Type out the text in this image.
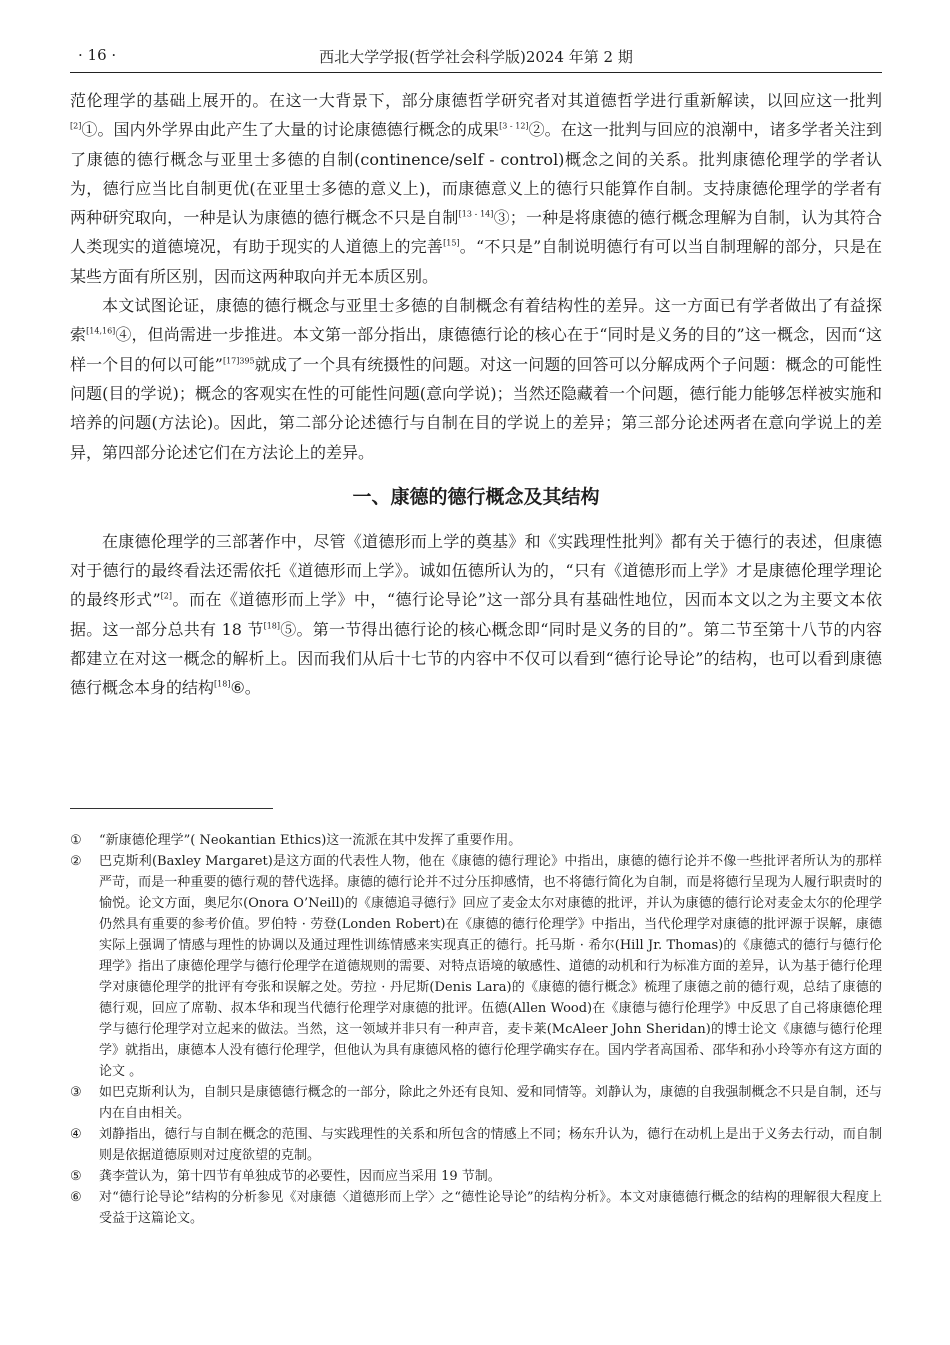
· 16 ·	西北大学学报(哲学社会科学版)2024 年第 2 期

范伦理学的基础上展开的。在这一大背景下，部分康德哲学研究者对其道德哲学进行重新解读，以回应这一批判[2]①。国内外学界由此产生了大量的讨论康德德行概念的成果[3 - 12]②。在这一批判与回应的浪潮中，诸多学者关注到了康德的德行概念与亚里士多德的自制(continence/self - control)概念之间的关系。批判康德伦理学的学者认为，德行应当比自制更优(在亚里士多德的意义上)，而康德意义上的德行只能算作自制。支持康德伦理学的学者有两种研究取向，一种是认为康德的德行概念不只是自制[13 - 14]③；一种是将康德的德行概念理解为自制，认为其符合人类现实的道德境况，有助于现实的人道德上的完善[15]。“不只是”自制说明德行有可以当自制理解的部分，只是在某些方面有所区别，因而这两种取向并无本质区别。

本文试图论证，康德的德行概念与亚里士多德的自制概念有着结构性的差异。这一方面已有学者做出了有益探索[14,16]④，但尚需进一步推进。本文第一部分指出，康德德行论的核心在于“同时是义务的目的”这一概念，因而“这样一个目的何以可能”$^{[17]395}$就成了一个具有统摄性的问题。对这一问题的回答可以分解成两个子问题：概念的可能性问题(目的学说)；概念的客观实在性的可能性问题(意向学说)；当然还隐藏着一个问题，德行能力能够怎样被实施和培养的问题(方法论)。因此，第二部分论述德行与自制在目的学说上的差异；第三部分论述两者在意向学说上的差异，第四部分论述它们在方法论上的差异。

一、康德的德行概念及其结构

在康德伦理学的三部著作中，尽管《道德形而上学的奠基》和《实践理性批判》都有关于德行的表述，但康德对于德行的最终看法还需依托《道德形而上学》。诚如伍德所认为的，“只有《道德形而上学》才是康德伦理学理论的最终形式”[2]。而在《道德形而上学》中，“德行论导论”这一部分具有基础性地位，因而本文以之为主要文本依据。这一部分总共有 18 节[18]⑤。第一节得出德行论的核心概念即“同时是义务的目的”。第二节至第十八节的内容都建立在对这一概念的解析上。因而我们从后十七节的内容中不仅可以看到“德行论导论”的结构，也可以看到康德德行概念本身的结构[18]⑥。

①	“新康德伦理学”( Neokantian Ethics)这一流派在其中发挥了重要作用。
②	巴克斯利(Baxley Margaret)是这方面的代表性人物，他在《康德的德行理论》中指出，康德的德行论并不像一些批评者所认为的那样严苛，而是一种重要的德行观的替代选择。康德的德行论并不过分压抑感情，也不将德行简化为自制，而是将德行呈现为人履行职责时的愉悦。论文方面，奥尼尔(Onora O’Neill)的《康德追寻德行》回应了麦金太尔对康德的批评，并认为康德的德行论对麦金太尔的伦理学仍然具有重要的参考价值。罗伯特 · 劳登(Londen Robert)在《康德的德行伦理学》中指出，当代伦理学对康德的批评源于误解，康德实际上强调了情感与理性的协调以及通过理性训练情感来实现真正的德行。托马斯 · 希尔(Hill Jr. Thomas)的《康德式的德行与德行伦理学》指出了康德伦理学与德行伦理学在道德规则的需要、对特点语境的敏感性、道德的动机和行为标准方面的差异，认为基于德行伦理学对康德伦理学的批评有夸张和误解之处。劳拉 · 丹尼斯(Denis Lara)的《康德的德行概念》梳理了康德之前的德行观，总结了康德的德行观，回应了席勒、叔本华和现当代德行伦理学对康德的批评。伍德(Allen Wood)在《康德与德行伦理学》中反思了自己将康德伦理学与德行伦理学对立起来的做法。当然，这一领域并非只有一种声音，麦卡莱(McAleer John Sheridan)的博士论文《康德与德行伦理学》就指出，康德本人没有德行伦理学，但他认为具有康德风格的德行伦理学确实存在。国内学者高国希、邵华和孙小玲等亦有这方面的论文 。
③	如巴克斯利认为，自制只是康德德行概念的一部分，除此之外还有良知、爱和同情等。刘静认为，康德的自我强制概念不只是自制，还与内在自由相关。
④	刘静指出，德行与自制在概念的范围、与实践理性的关系和所包含的情感上不同；杨东升认为，德行在动机上是出于义务去行动，而自制则是依据道德原则对过度欲望的克制。
⑤	龚李萱认为，第十四节有单独成节的必要性，因而应当采用 19 节制。
⑥	对“德行论导论”结构的分析参见《对康德〈道德形而上学〉之“德性论导论”的结构分析》。本文对康德德行概念的结构的理解很大程度上受益于这篇论文。
